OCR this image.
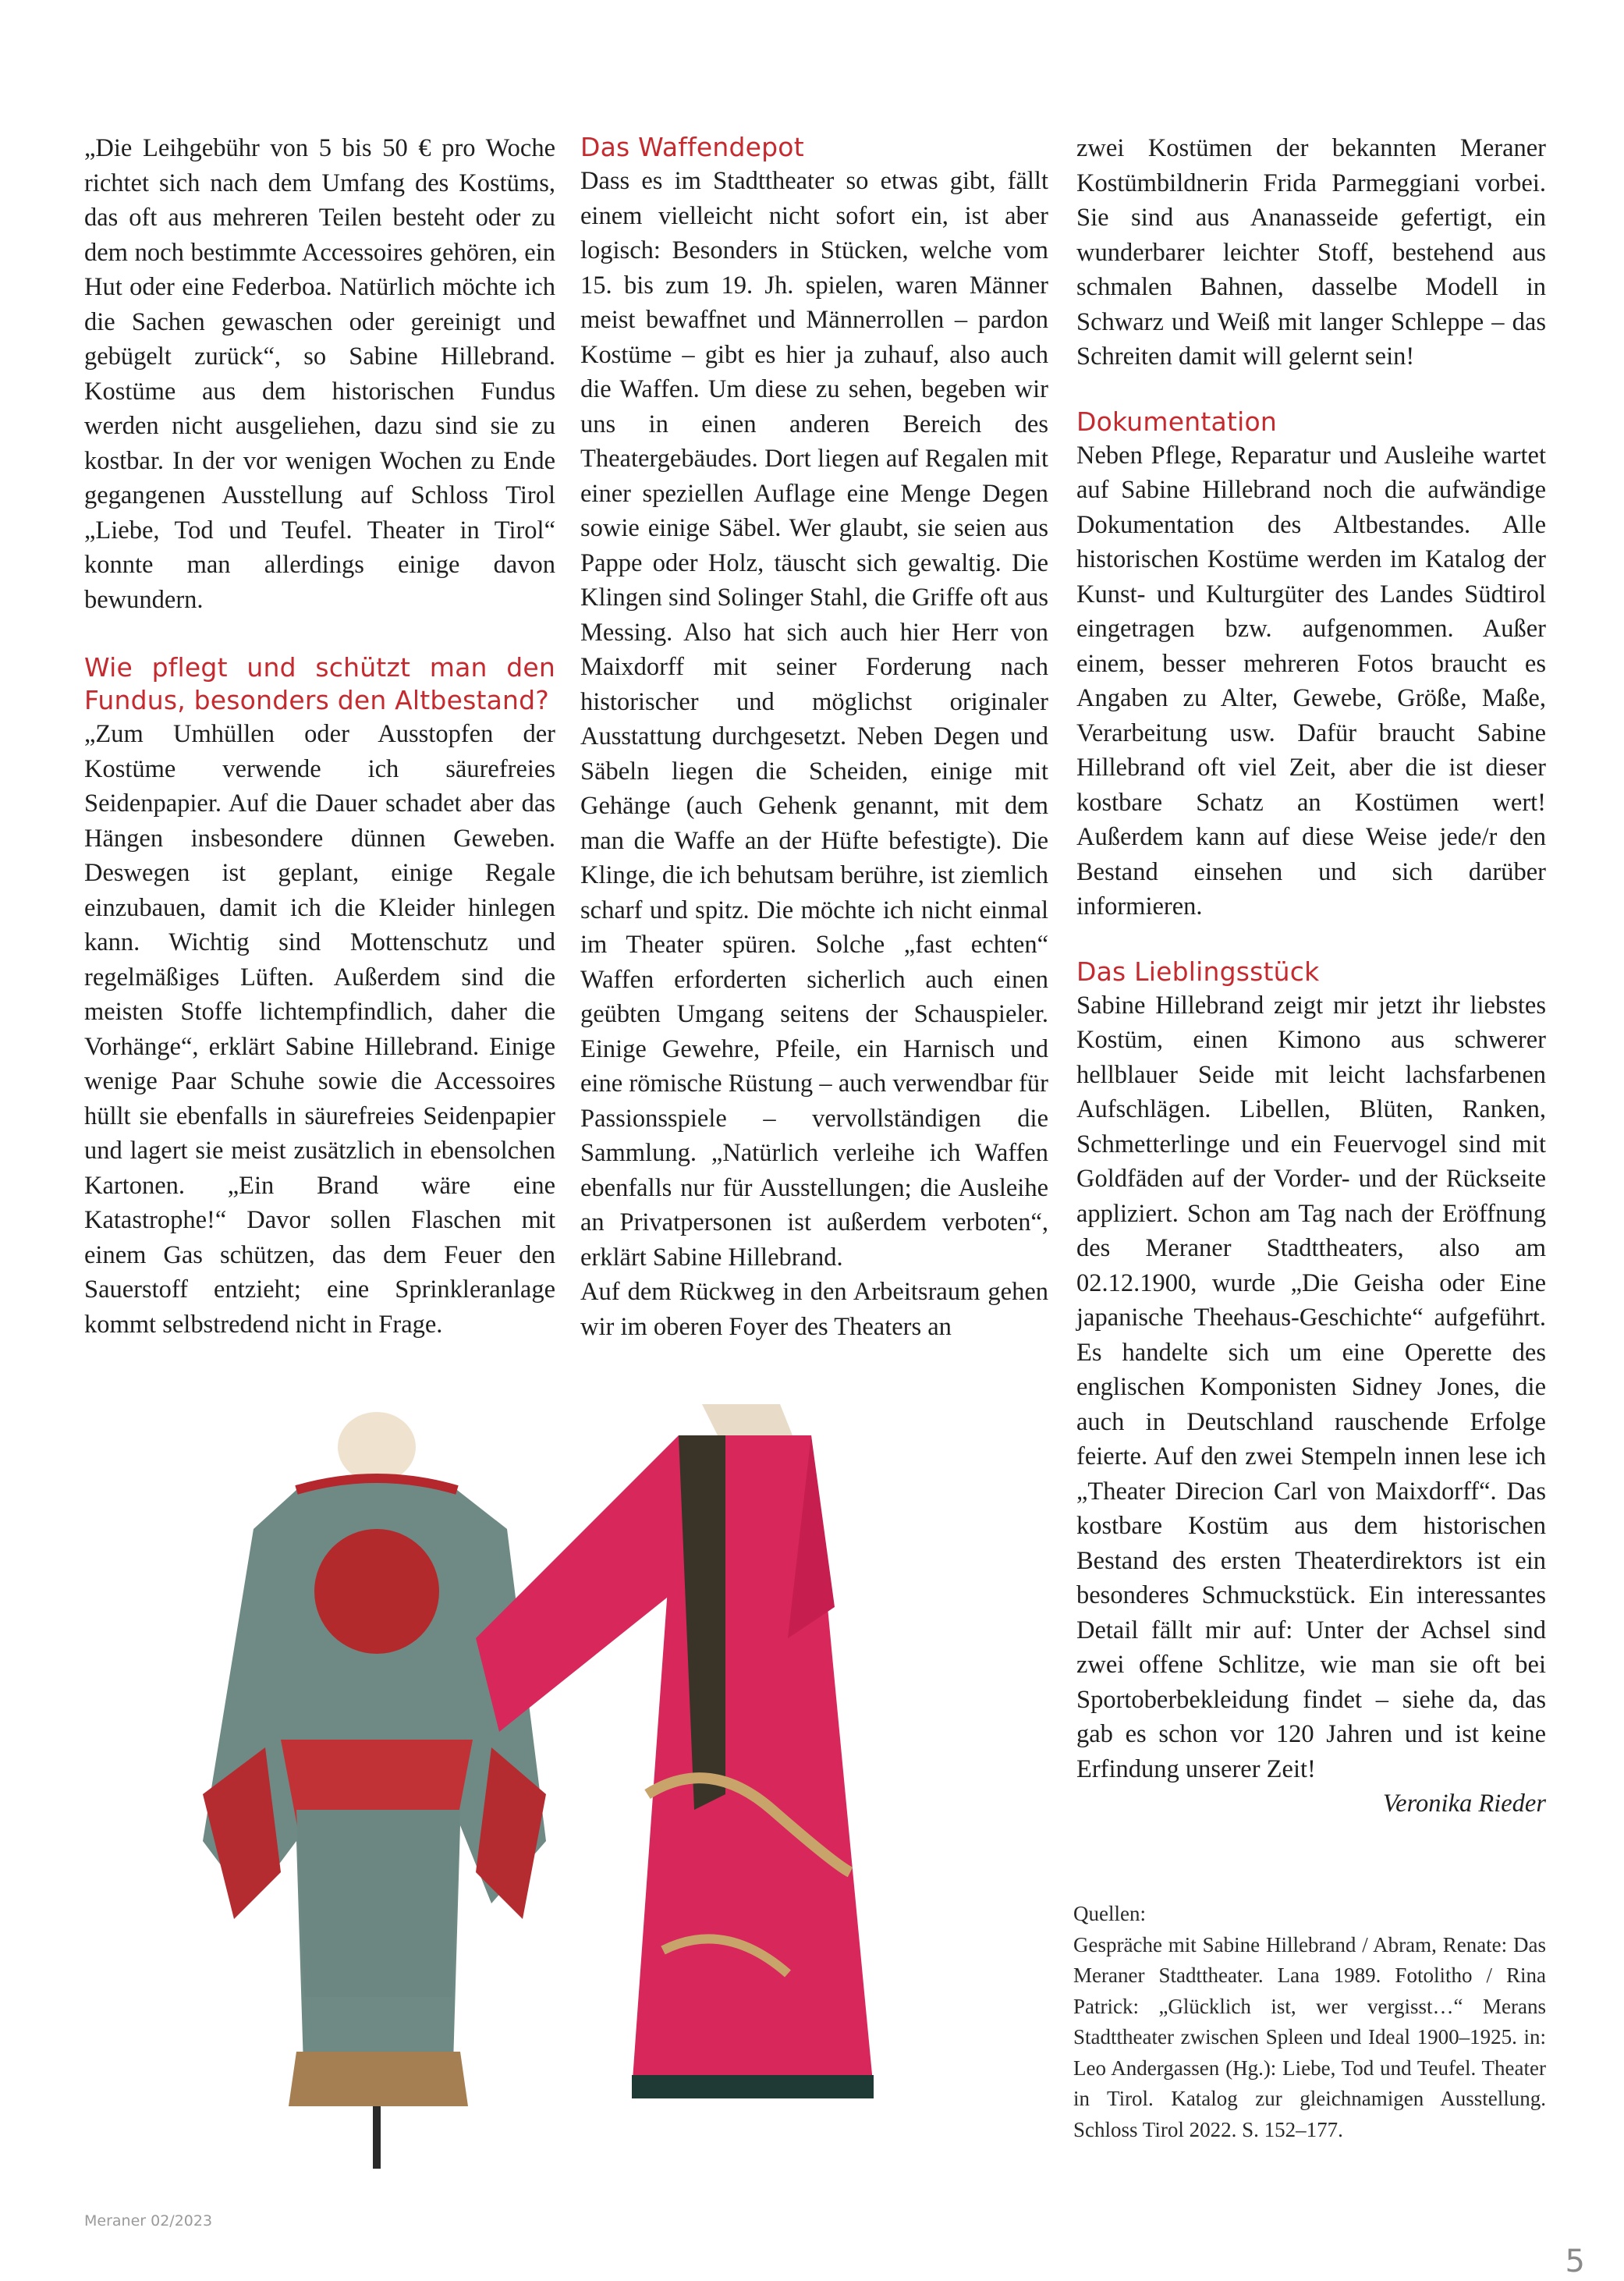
„Die Leihgebühr von 5 bis 50 € pro Woche richtet sich nach dem Umfang des Kostüms, das oft aus mehreren Teilen besteht oder zu dem noch bestimmte Accessoires gehören, ein Hut oder eine Federboa. Natürlich möchte ich die Sachen gewaschen oder gereinigt und gebügelt zurück“, so Sabine Hillebrand. Kostüme aus dem historischen Fundus werden nicht ausgeliehen, dazu sind sie zu kostbar. In der vor wenigen Wochen zu Ende gegangenen Ausstellung auf Schloss Tirol „Liebe, Tod und Teufel. Theater in Tirol“ konnte man allerdings einige davon bewundern.

Wie pflegt und schützt man den Fundus, besonders den Altbestand?

„Zum Umhüllen oder Ausstopfen der Kostüme verwende ich säurefreies Seidenpapier. Auf die Dauer schadet aber das Hängen insbesondere dünnen Geweben. Deswegen ist geplant, einige Regale einzubauen, damit ich die Kleider hinlegen kann. Wichtig sind Mottenschutz und regelmäßiges Lüften. Außerdem sind die meisten Stoffe lichtempfindlich, daher die Vorhänge“, erklärt Sabine Hillebrand. Einige wenige Paar Schuhe sowie die Accessoires hüllt sie ebenfalls in säurefreies Seidenpapier und lagert sie meist zusätzlich in ebensolchen Kartonen. „Ein Brand wäre eine Katastrophe!“ Davor sollen Flaschen mit einem Gas schützen, das dem Feuer den Sauerstoff entzieht; eine Sprinkleranlage kommt selbstredend nicht in Frage.

Das Waffendepot

Dass es im Stadttheater so etwas gibt, fällt einem vielleicht nicht sofort ein, ist aber logisch: Besonders in Stücken, welche vom 15. bis zum 19. Jh. spielen, waren Männer meist bewaffnet und Männerrollen – pardon Kostüme – gibt es hier ja zuhauf, also auch die Waffen. Um diese zu sehen, begeben wir uns in einen anderen Bereich des Theatergebäudes. Dort liegen auf Regalen mit einer speziellen Auflage eine Menge Degen sowie einige Säbel. Wer glaubt, sie seien aus Pappe oder Holz, täuscht sich gewaltig. Die Klingen sind Solinger Stahl, die Griffe oft aus Messing. Also hat sich auch hier Herr von Maixdorff mit seiner Forderung nach historischer und möglichst originaler Ausstattung durchgesetzt. Neben Degen und Säbeln liegen die Scheiden, einige mit Gehänge (auch Gehenk genannt, mit dem man die Waffe an der Hüfte befestigte). Die Klinge, die ich behutsam berühre, ist ziemlich scharf und spitz. Die möchte ich nicht einmal im Theater spüren. Solche „fast echten“ Waffen erforderten sicherlich auch einen geübten Umgang seitens der Schauspieler. Einige Gewehre, Pfeile, ein Harnisch und eine römische Rüstung – auch verwendbar für Passionsspiele – vervollständigen die Sammlung. „Natürlich verleihe ich Waffen ebenfalls nur für Ausstellungen; die Ausleihe an Privatpersonen ist außerdem verboten“, erklärt Sabine Hillebrand.

Auf dem Rückweg in den Arbeitsraum gehen wir im oberen Foyer des Theaters an

zwei Kostümen der bekannten Meraner Kostümbildnerin Frida Parmeggiani vorbei. Sie sind aus Ananasseide gefertigt, ein wunderbarer leichter Stoff, bestehend aus schmalen Bahnen, dasselbe Modell in Schwarz und Weiß mit langer Schleppe – das Schreiten damit will gelernt sein!

Dokumentation

Neben Pflege, Reparatur und Ausleihe wartet auf Sabine Hillebrand noch die aufwändige Dokumentation des Altbestandes. Alle historischen Kostüme werden im Katalog der Kunst- und Kulturgüter des Landes Südtirol eingetragen bzw. aufgenommen. Außer einem, besser mehreren Fotos braucht es Angaben zu Alter, Gewebe, Größe, Maße, Verarbeitung usw. Dafür braucht Sabine Hillebrand oft viel Zeit, aber die ist dieser kostbare Schatz an Kostümen wert! Außerdem kann auf diese Weise jede/r den Bestand einsehen und sich darüber informieren.

Das Lieblingsstück

Sabine Hillebrand zeigt mir jetzt ihr liebstes Kostüm, einen Kimono aus schwerer hellblauer Seide mit leicht lachsfarbenen Aufschlägen. Libellen, Blüten, Ranken, Schmetterlinge und ein Feuervogel sind mit Goldfäden auf der Vorder- und der Rückseite appliziert. Schon am Tag nach der Eröffnung des Meraner Stadttheaters, also am 02.12.1900, wurde „Die Geisha oder Eine japanische Theehaus-Geschichte“ aufgeführt. Es handelte sich um eine Operette des englischen Komponisten Sidney Jones, die auch in Deutschland rauschende Erfolge feierte. Auf den zwei Stempeln innen lese ich „Theater Direcion Carl von Maixdorff“. Das kostbare Kostüm aus dem historischen Bestand des ersten Theaterdirektors ist ein besonderes Schmuckstück. Ein interessantes Detail fällt mir auf: Unter der Achsel sind zwei offene Schlitze, wie man sie oft bei Sportoberbekleidung findet – siehe da, das gab es schon vor 120 Jahren und ist keine Erfindung unserer Zeit!

Veronika Rieder

Quellen:

Gespräche mit Sabine Hillebrand / Abram, Renate: Das Meraner Stadttheater. Lana 1989. Fotolitho / Rina Patrick: „Glücklich ist, wer vergisst…“ Merans Stadttheater zwischen Spleen und Ideal 1900–1925. in: Leo Andergassen (Hg.): Liebe, Tod und Teufel. Theater in Tirol. Katalog zur gleichnamigen Ausstellung. Schloss Tirol 2022. S. 152–177.

Meraner 02/2023
5
